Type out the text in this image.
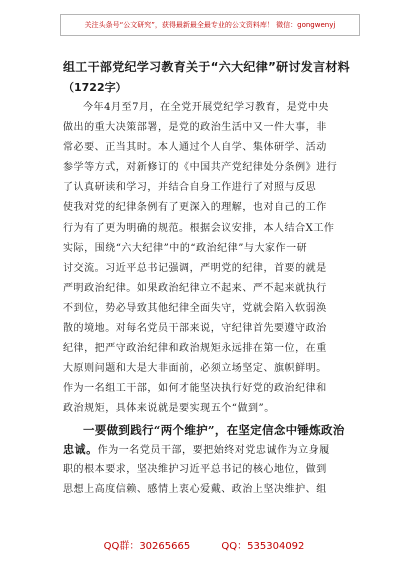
关注头条号“公文研究”，获得最新最全最专业的公文资料库！ 微信：gongwenyj
组工干部党纪学习教育关于“六大纪律”研讨发言材料
（1722字）
今年4月至7月，在全党开展党纪学习教育，是党中央
做出的重大决策部署，是党的政治生活中又一件大事，非
常必要、正当其时。本人通过个人自学、集体研学、活动
参学等方式，对新修订的《中国共产党纪律处分条例》进行
了认真研读和学习，并结合自身工作进行了对照与反思
使我对党的纪律条例有了更深入的理解，也对自己的工作
行为有了更为明确的规范。根据会议安排，本人结合X工作
实际，围绕“六大纪律”中的“政治纪律”与大家作一研
讨交流。习近平总书记强调，严明党的纪律，首要的就是
严明政治纪律。如果政治纪律立不起来、严不起来就执行
不到位，势必导致其他纪律全面失守，党就会陷入软弱涣
散的境地。对每名党员干部来说，守纪律首先要遵守政治
纪律，把严守政治纪律和政治规矩永远排在第一位，在重
大原则问题和大是大非面前，必须立场坚定、旗帜鲜明。
作为一名组工干部，如何才能坚决执行好党的政治纪律和
政治规矩，具体来说就是要实现五个“做到”。
一要做到践行“两个维护”，在坚定信念中锤炼政治
忠诚。作为一名党员干部，要把始终对党忠诚作为立身履
职的根本要求，坚决维护习近平总书记的核心地位，做到
思想上高度信赖、感情上衷心爱戴、政治上坚决维护、组
QQ群：30265665	QQ：535304092
